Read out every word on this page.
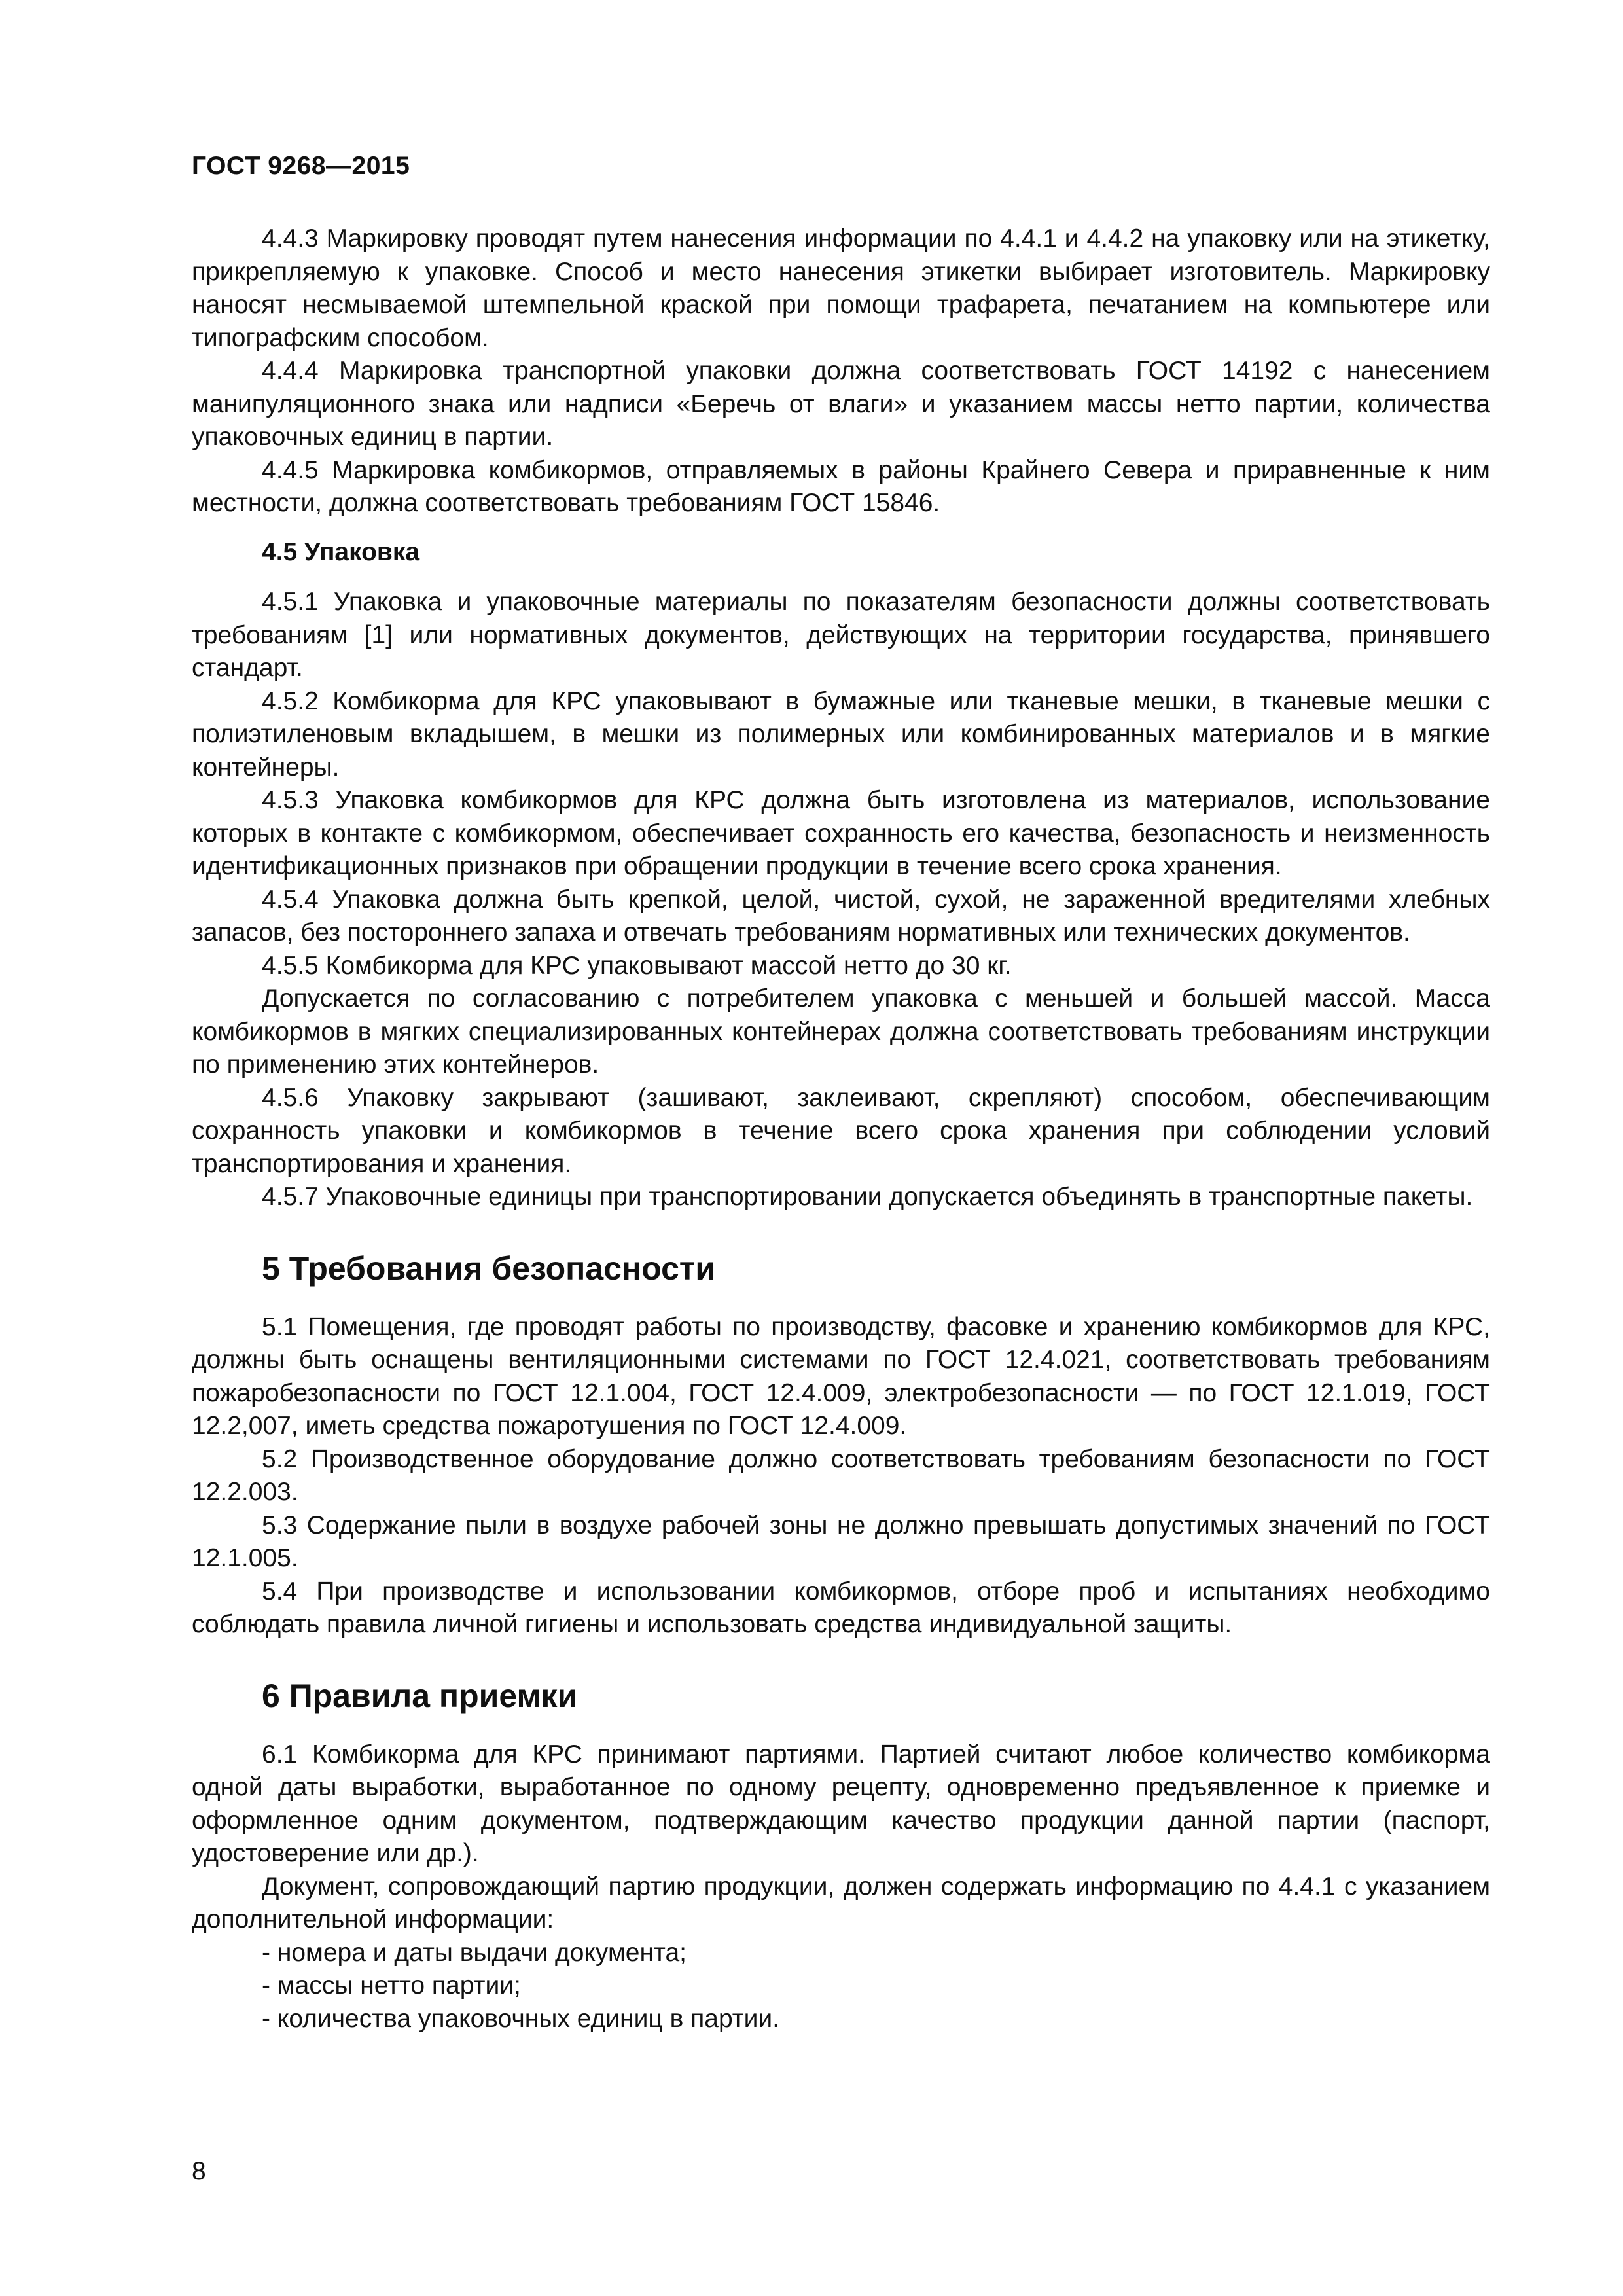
ГОСТ 9268—2015

4.4.3 Маркировку проводят путем нанесения информации по 4.4.1 и 4.4.2 на упаковку или на этикетку, прикрепляемую к упаковке. Способ и место нанесения этикетки выбирает изготовитель. Маркировку наносят несмываемой штемпельной краской при помощи трафарета, печатанием на компьютере или типографским способом.

4.4.4 Маркировка транспортной упаковки должна соответствовать ГОСТ 14192 с нанесением манипуляционного знака или надписи «Беречь от влаги» и указанием массы нетто партии, количества упаковочных единиц в партии.

4.4.5 Маркировка комбикормов, отправляемых в районы Крайнего Севера и приравненные к ним местности, должна соответствовать требованиям ГОСТ 15846.

4.5 Упаковка

4.5.1 Упаковка и упаковочные материалы по показателям безопасности должны соответствовать требованиям [1] или нормативных документов, действующих на территории государства, принявшего стандарт.

4.5.2 Комбикорма для КРС упаковывают в бумажные или тканевые мешки, в тканевые мешки с полиэтиленовым вкладышем, в мешки из полимерных или комбинированных материалов и в мягкие контейнеры.

4.5.3 Упаковка комбикормов для КРС должна быть изготовлена из материалов, использование которых в контакте с комбикормом, обеспечивает сохранность его качества, безопасность и неизменность идентификационных признаков при обращении продукции в течение всего срока хранения.

4.5.4 Упаковка должна быть крепкой, целой, чистой, сухой, не зараженной вредителями хлебных запасов, без постороннего запаха и отвечать требованиям нормативных или технических документов.

4.5.5 Комбикорма для КРС упаковывают массой нетто до 30 кг.

Допускается по согласованию с потребителем упаковка с меньшей и большей массой. Масса комбикормов в мягких специализированных контейнерах должна соответствовать требованиям инструкции по применению этих контейнеров.

4.5.6 Упаковку закрывают (зашивают, заклеивают, скрепляют) способом, обеспечивающим сохранность упаковки и комбикормов в течение всего срока хранения при соблюдении условий транспортирования и хранения.

4.5.7 Упаковочные единицы при транспортировании допускается объединять в транспортные пакеты.

5 Требования безопасности

5.1 Помещения, где проводят работы по производству, фасовке и хранению комбикормов для КРС, должны быть оснащены вентиляционными системами по ГОСТ 12.4.021, соответствовать требованиям пожаробезопасности по ГОСТ 12.1.004, ГОСТ 12.4.009, электробезопасности — по ГОСТ 12.1.019, ГОСТ 12.2,007, иметь средства пожаротушения по ГОСТ 12.4.009.

5.2 Производственное оборудование должно соответствовать требованиям безопасности по ГОСТ 12.2.003.

5.3 Содержание пыли в воздухе рабочей зоны не должно превышать допустимых значений по ГОСТ 12.1.005.

5.4 При производстве и использовании комбикормов, отборе проб и испытаниях необходимо соблюдать правила личной гигиены и использовать средства индивидуальной защиты.

6 Правила приемки

6.1 Комбикорма для КРС принимают партиями. Партией считают любое количество комбикорма одной даты выработки, выработанное по одному рецепту, одновременно предъявленное к приемке и оформленное одним документом, подтверждающим качество продукции данной партии (паспорт, удостоверение или др.).

Документ, сопровождающий партию продукции, должен содержать информацию по 4.4.1 с указанием дополнительной информации:

- номера и даты выдачи документа;
- массы нетто партии;
- количества упаковочных единиц в партии.
8
